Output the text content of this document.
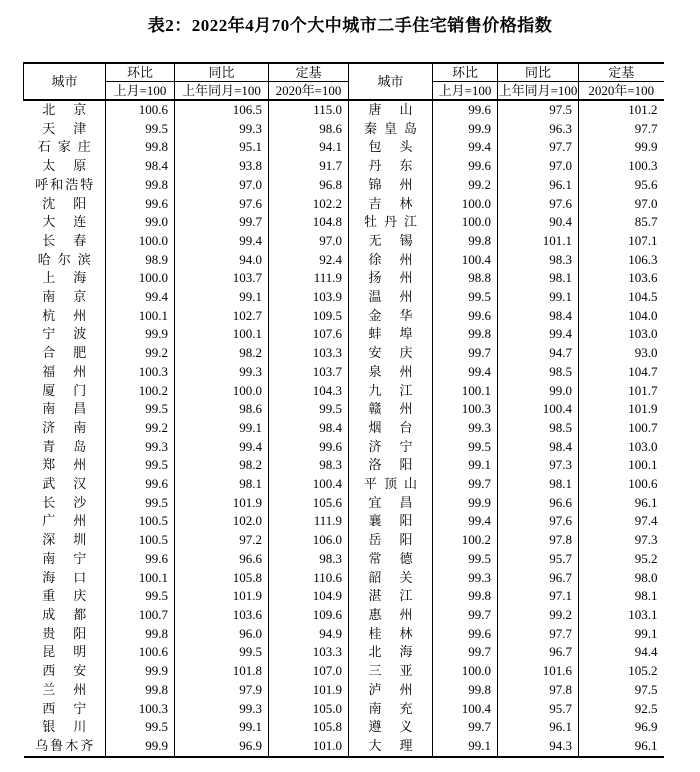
表2：2022年4月70个大中城市二手住宅销售价格指数
城市	环比	同比	定基	城市	环比	同比	定基
	上月=100	上年同月=100	2020年=100		上月=100	上年同月=100	2020年=100

北 京	100.6	106.5	115.0	唐 山	99.6	97.5	101.2

天 津	99.5	99.3	98.6	秦 皇 岛	99.9	96.3	97.7

石 家 庄	99.8	95.1	94.1	包 头	99.4	97.7	99.9

太 原	98.4	93.8	91.7	丹 东	99.6	97.0	100.3

呼 和 浩 特	99.8	97.0	96.8	锦 州	99.2	96.1	95.6

沈 阳	99.6	97.6	102.2	吉 林	100.0	97.6	97.0

大 连	99.0	99.7	104.8	牡 丹 江	100.0	90.4	85.7

长 春	100.0	99.4	97.0	无 锡	99.8	101.1	107.1

哈 尔 滨	98.9	94.0	92.4	徐 州	100.4	98.3	106.3

上 海	100.0	103.7	111.9	扬 州	98.8	98.1	103.6

南 京	99.4	99.1	103.9	温 州	99.5	99.1	104.5

杭 州	100.1	102.7	109.5	金 华	99.6	98.4	104.0

宁 波	99.9	100.1	107.6	蚌 埠	99.8	99.4	103.0

合 肥	99.2	98.2	103.3	安 庆	99.7	94.7	93.0

福 州	100.3	99.3	103.7	泉 州	99.4	98.5	104.7

厦 门	100.2	100.0	104.3	九 江	100.1	99.0	101.7

南 昌	99.5	98.6	99.5	赣 州	100.3	100.4	101.9

济 南	99.2	99.1	98.4	烟 台	99.3	98.5	100.7

青 岛	99.3	99.4	99.6	济 宁	99.5	98.4	103.0

郑 州	99.5	98.2	98.3	洛 阳	99.1	97.3	100.1

武 汉	99.6	98.1	100.4	平 顶 山	99.7	98.1	100.6

长 沙	99.5	101.9	105.6	宜 昌	99.9	96.6	96.1

广 州	100.5	102.0	111.9	襄 阳	99.4	97.6	97.4

深 圳	100.5	97.2	106.0	岳 阳	100.2	97.8	97.3

南 宁	99.6	96.6	98.3	常 德	99.5	95.7	95.2

海 口	100.1	105.8	110.6	韶 关	99.3	96.7	98.0

重 庆	99.5	101.9	104.9	湛 江	99.8	97.1	98.1

成 都	100.7	103.6	109.6	惠 州	99.7	99.2	103.1

贵 阳	99.8	96.0	94.9	桂 林	99.6	97.7	99.1

昆 明	100.6	99.5	103.3	北 海	99.7	96.7	94.4

西 安	99.9	101.8	107.0	三 亚	100.0	101.6	105.2

兰 州	99.8	97.9	101.9	泸 州	99.8	97.8	97.5

西 宁	100.3	99.3	105.0	南 充	100.4	95.7	92.5

银 川	99.5	99.1	105.8	遵 义	99.7	96.1	96.9

乌 鲁 木 齐	99.9	96.9	101.0	大 理	99.1	94.3	96.1
